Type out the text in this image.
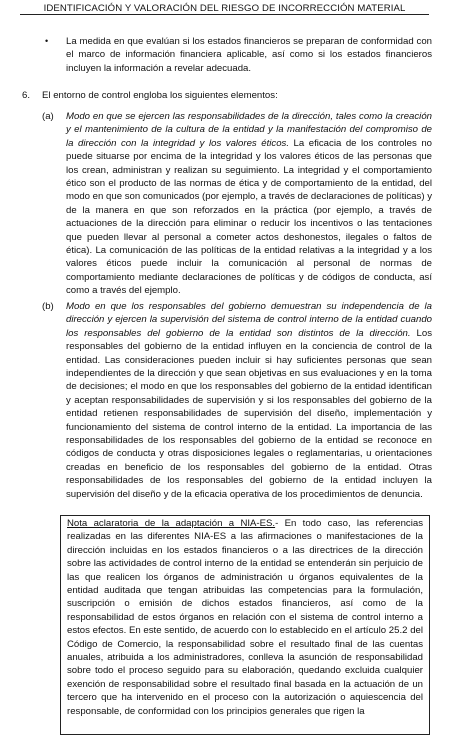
IDENTIFICACIÓN Y VALORACIÓN DEL RIESGO DE INCORRECCIÓN MATERIAL
• La medida en que evalúan si los estados financieros se preparan de conformidad con el marco de información financiera aplicable, así como si los estados financieros incluyen la información a revelar adecuada.
6. El entorno de control engloba los siguientes elementos:
(a) Modo en que se ejercen las responsabilidades de la dirección, tales como la creación y el mantenimiento de la cultura de la entidad y la manifestación del compromiso de la dirección con la integridad y los valores éticos. La eficacia de los controles no puede situarse por encima de la integridad y los valores éticos de las personas que los crean, administran y realizan su seguimiento. La integridad y el comportamiento ético son el producto de las normas de ética y de comportamiento de la entidad, del modo en que son comunicados (por ejemplo, a través de declaraciones de políticas) y de la manera en que son reforzados en la práctica (por ejemplo, a través de actuaciones de la dirección para eliminar o reducir los incentivos o las tentaciones que pueden llevar al personal a cometer actos deshonestos, ilegales o faltos de ética). La comunicación de las políticas de la entidad relativas a la integridad y a los valores éticos puede incluir la comunicación al personal de normas de comportamiento mediante declaraciones de políticas y de códigos de conducta, así como a través del ejemplo.
(b) Modo en que los responsables del gobierno demuestran su independencia de la dirección y ejercen la supervisión del sistema de control interno de la entidad cuando los responsables del gobierno de la entidad son distintos de la dirección. Los responsables del gobierno de la entidad influyen en la conciencia de control de la entidad. Las consideraciones pueden incluir si hay suficientes personas que sean independientes de la dirección y que sean objetivas en sus evaluaciones y en la toma de decisiones; el modo en que los responsables del gobierno de la entidad identifican y aceptan responsabilidades de supervisión y si los responsables del gobierno de la entidad retienen responsabilidades de supervisión del diseño, implementación y funcionamiento del sistema de control interno de la entidad. La importancia de las responsabilidades de los responsables del gobierno de la entidad se reconoce en códigos de conducta y otras disposiciones legales o reglamentarias, u orientaciones creadas en beneficio de los responsables del gobierno de la entidad. Otras responsabilidades de los responsables del gobierno de la entidad incluyen la supervisión del diseño y de la eficacia operativa de los procedimientos de denuncia.
Nota aclaratoria de la adaptación a NIA-ES.- En todo caso, las referencias realizadas en las diferentes NIA-ES a las afirmaciones o manifestaciones de la dirección incluidas en los estados financieros o a las directrices de la dirección sobre las actividades de control interno de la entidad se entenderán sin perjuicio de las que realicen los órganos de administración u órganos equivalentes de la entidad auditada que tengan atribuidas las competencias para la formulación, suscripción o emisión de dichos estados financieros, así como de la responsabilidad de estos órganos en relación con el sistema de control interno a estos efectos. En este sentido, de acuerdo con lo establecido en el artículo 25.2 del Código de Comercio, la responsabilidad sobre el resultado final de las cuentas anuales, atribuida a los administradores, conlleva la asunción de responsabilidad sobre todo el proceso seguido para su elaboración, quedando excluida cualquier exención de responsabilidad sobre el resultado final basada en la actuación de un tercero que ha intervenido en el proceso con la autorización o aquiescencia del responsable, de conformidad con los principios generales que rigen la
